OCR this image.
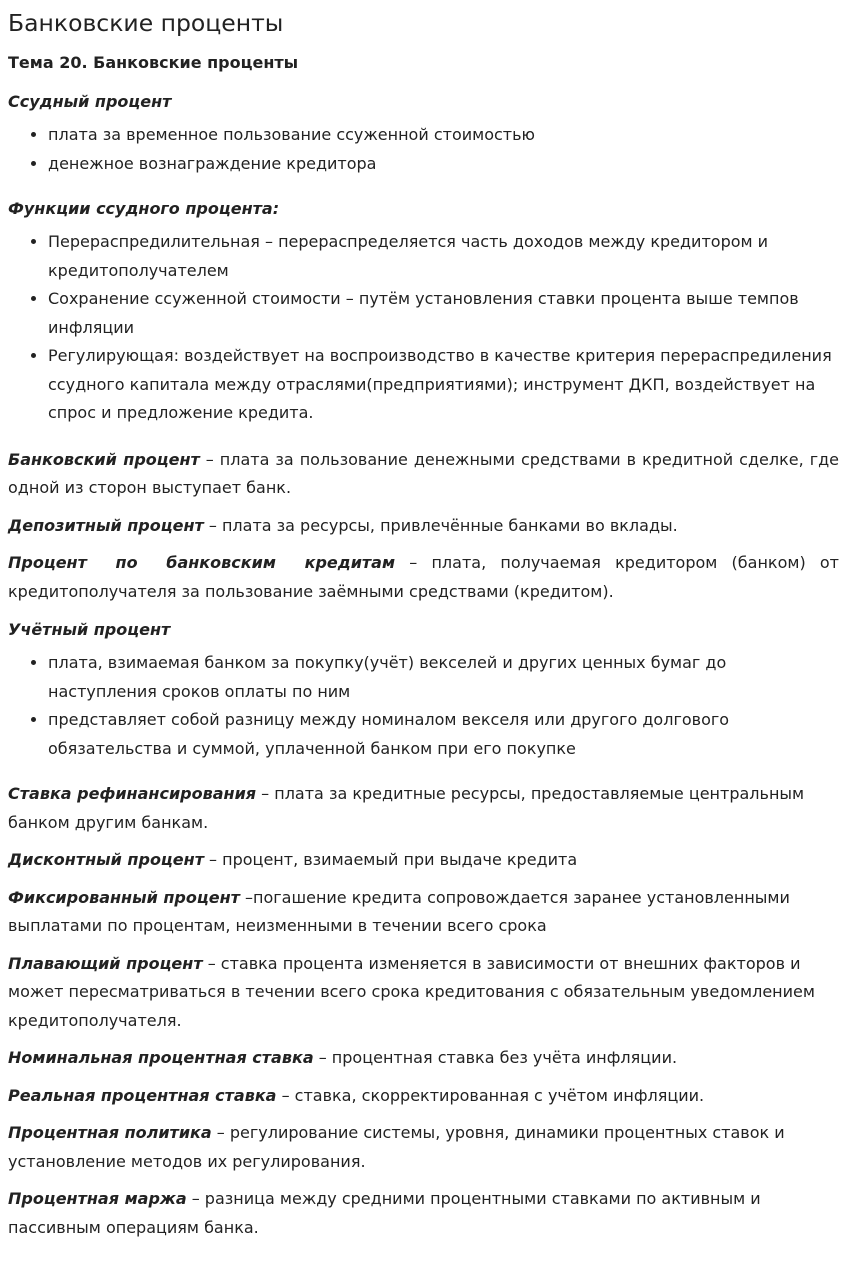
Банковские проценты
Тема 20. Банковские проценты
Ссудный процент
• плата за временное пользование ссуженной стоимостью
• денежное вознаграждение кредитора
Функции ссудного процента:
• Перераспредилительная – перераспределяется часть доходов между кредитором и кредитополучателем
• Сохранение ссуженной стоимости – путём установления ставки процента выше темпов инфляции
• Регулирующая: воздействует на воспроизводство в качестве критерия перераспредиления ссудного капитала между отраслями(предприятиями); инструмент ДКП, воздействует на спрос и предложение кредита.

Банковский процент – плата за пользование денежными средствами в кредитной сделке, где одной из сторон выступает банк.

Депозитный процент – плата за ресурсы, привлечённые банками во вклады.

Процент по банковским кредитам – плата, получаемая кредитором (банком) от кредитополучателя за пользование заёмными средствами (кредитом).

Учётный процент
• плата, взимаемая банком за покупку(учёт) векселей и других ценных бумаг до наступления сроков оплаты по ним
• представляет собой разницу между номиналом векселя или другого долгового обязательства и суммой, уплаченной банком при его покупке

Ставка рефинансирования – плата за кредитные ресурсы, предоставляемые центральным банком другим банкам.

Дисконтный процент – процент, взимаемый при выдаче кредита

Фиксированный процент –погашение кредита сопровождается заранее установленными выплатами по процентам, неизменными в течении всего срока

Плавающий процент – ставка процента изменяется в зависимости от внешних факторов и может пересматриваться в течении всего срока кредитования с обязательным уведомлением кредитополучателя.

Номинальная процентная ставка – процентная ставка без учёта инфляции.

Реальная процентная ставка – ставка, скорректированная с учётом инфляции.

Процентная политика – регулирование системы, уровня, динамики процентных ставок и установление методов их регулирования.

Процентная маржа – разница между средними процентными ставками по активным и пассивным операциям банка.
